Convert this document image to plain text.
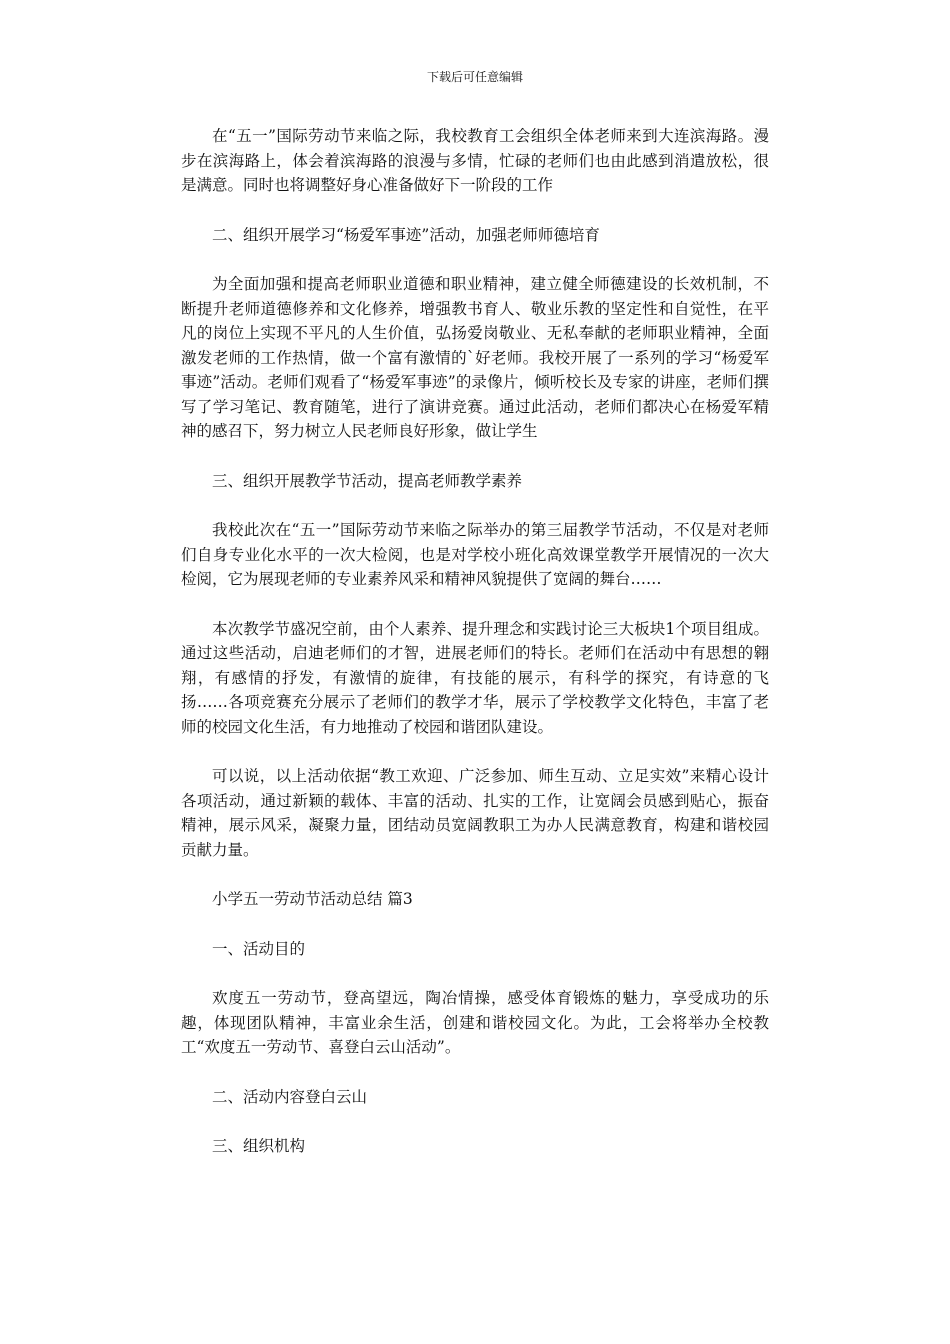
下载后可任意编辑

在“五一”国际劳动节来临之际，我校教育工会组织全体老师来到大连滨海路。漫步在滨海路上，体会着滨海路的浪漫与多情，忙碌的老师们也由此感到消遣放松，很是满意。同时也将调整好身心准备做好下一阶段的工作

二、组织开展学习“杨爱军事迹”活动，加强老师师德培育

为全面加强和提高老师职业道德和职业精神，建立健全师德建设的长效机制，不断提升老师道德修养和文化修养，增强教书育人、敬业乐教的坚定性和自觉性，在平凡的岗位上实现不平凡的人生价值，弘扬爱岗敬业、无私奉献的老师职业精神，全面激发老师的工作热情，做一个富有激情的`好老师。我校开展了一系列的学习“杨爱军事迹”活动。老师们观看了“杨爱军事迹”的录像片，倾听校长及专家的讲座，老师们撰写了学习笔记、教育随笔，进行了演讲竞赛。通过此活动，老师们都决心在杨爱军精神的感召下，努力树立人民老师良好形象，做让学生

三、组织开展教学节活动，提高老师教学素养

我校此次在“五一”国际劳动节来临之际举办的第三届教学节活动，不仅是对老师们自身专业化水平的一次大检阅，也是对学校小班化高效课堂教学开展情况的一次大检阅，它为展现老师的专业素养风采和精神风貌提供了宽阔的舞台……

本次教学节盛况空前，由个人素养、提升理念和实践讨论三大板块1个项目组成。通过这些活动，启迪老师们的才智，进展老师们的特长。老师们在活动中有思想的翱翔，有感情的抒发，有激情的旋律，有技能的展示，有科学的探究，有诗意的飞扬……各项竞赛充分展示了老师们的教学才华，展示了学校教学文化特色，丰富了老师的校园文化生活，有力地推动了校园和谐团队建设。

可以说，以上活动依据“教工欢迎、广泛参加、师生互动、立足实效”来精心设计各项活动，通过新颖的载体、丰富的活动、扎实的工作，让宽阔会员感到贴心，振奋精神，展示风采，凝聚力量，团结动员宽阔教职工为办人民满意教育，构建和谐校园贡献力量。

小学五一劳动节活动总结 篇3

一、活动目的

欢度五一劳动节，登高望远，陶冶情操，感受体育锻炼的魅力，享受成功的乐趣，体现团队精神，丰富业余生活，创建和谐校园文化。为此，工会将举办全校教工“欢度五一劳动节、喜登白云山活动”。

二、活动内容登白云山

三、组织机构
